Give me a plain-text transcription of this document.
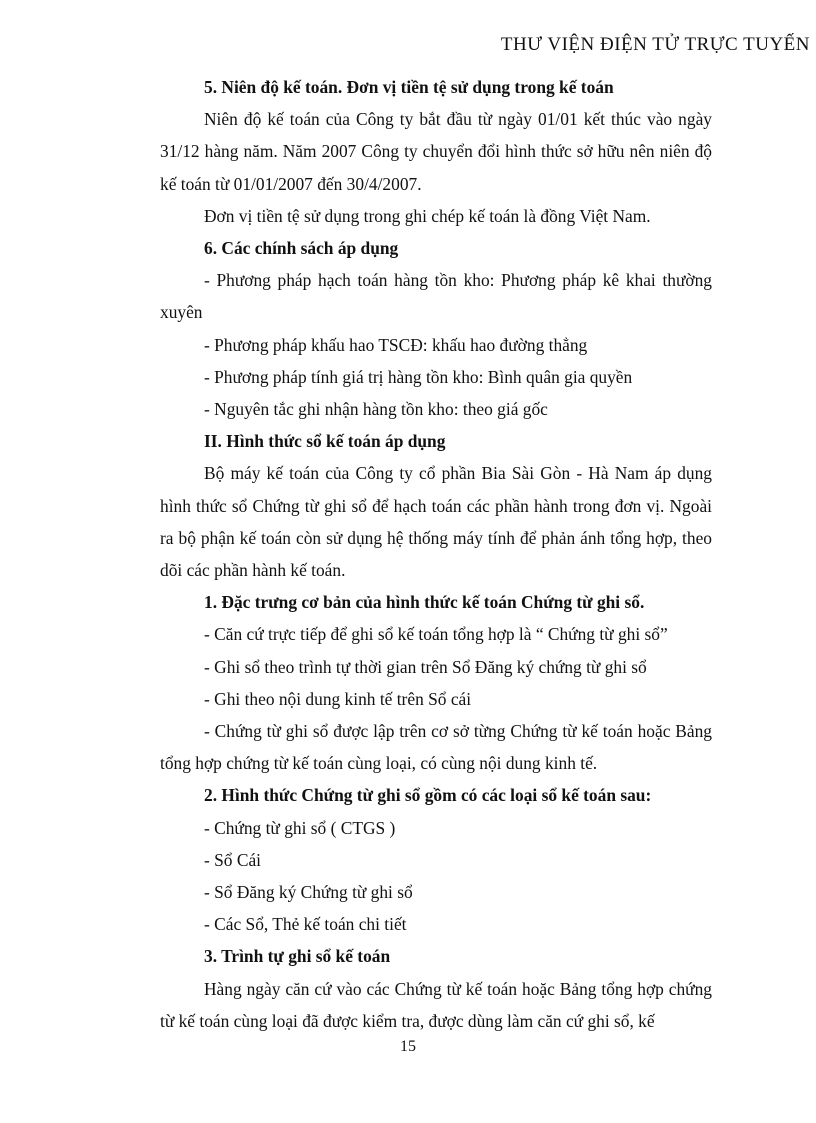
THƯ VIỆN ĐIỆN TỬ TRỰC TUYẾN

5. Niên độ kế toán. Đơn vị tiền tệ sử dụng trong kế toán

Niên độ kế toán của Công ty bắt đầu từ ngày 01/01 kết thúc vào ngày 31/12 hàng năm. Năm 2007 Công ty chuyển đổi hình thức sở hữu nên niên độ kế toán từ 01/01/2007 đến 30/4/2007.

Đơn vị tiền tệ sử dụng trong ghi chép kế toán là đồng Việt Nam.

6. Các chính sách áp dụng

- Phương pháp hạch toán hàng tồn kho: Phương pháp kê khai thường xuyên

- Phương pháp khấu hao TSCĐ: khấu hao đường thẳng

- Phương pháp tính giá trị hàng tồn kho: Bình quân gia quyền

- Nguyên tắc ghi nhận hàng tồn kho: theo giá gốc

II. Hình thức sổ kế toán áp dụng

Bộ máy kế toán của Công ty cổ phần Bia Sài Gòn - Hà Nam áp dụng hình thức sổ Chứng từ ghi sổ để hạch toán các phần hành trong đơn vị. Ngoài ra bộ phận kế toán còn sử dụng hệ thống máy tính để phản ánh tổng hợp, theo dõi các phần hành kế toán.

1. Đặc trưng cơ bản của hình thức kế toán Chứng từ ghi sổ.

- Căn cứ trực tiếp để ghi sổ kế toán tổng hợp là “ Chứng từ ghi sổ”

- Ghi sổ theo trình tự thời gian trên Sổ Đăng ký chứng từ ghi sổ

- Ghi theo nội dung kinh tế trên Sổ cái

- Chứng từ ghi sổ được lập trên cơ sở từng Chứng từ kế toán hoặc Bảng tổng hợp chứng từ kế toán cùng loại, có cùng nội dung kinh tế.

2. Hình thức Chứng từ ghi sổ gồm có các loại sổ kế toán sau:

- Chứng từ ghi sổ ( CTGS )

- Sổ Cái

- Sổ Đăng ký Chứng từ ghi sổ

- Các Sổ, Thẻ kế toán chi tiết

3. Trình tự ghi sổ kế toán

Hàng ngày căn cứ vào các Chứng từ kế toán hoặc Bảng tổng hợp chứng từ kế toán cùng loại đã được kiểm tra, được dùng làm căn cứ ghi sổ, kế

15
